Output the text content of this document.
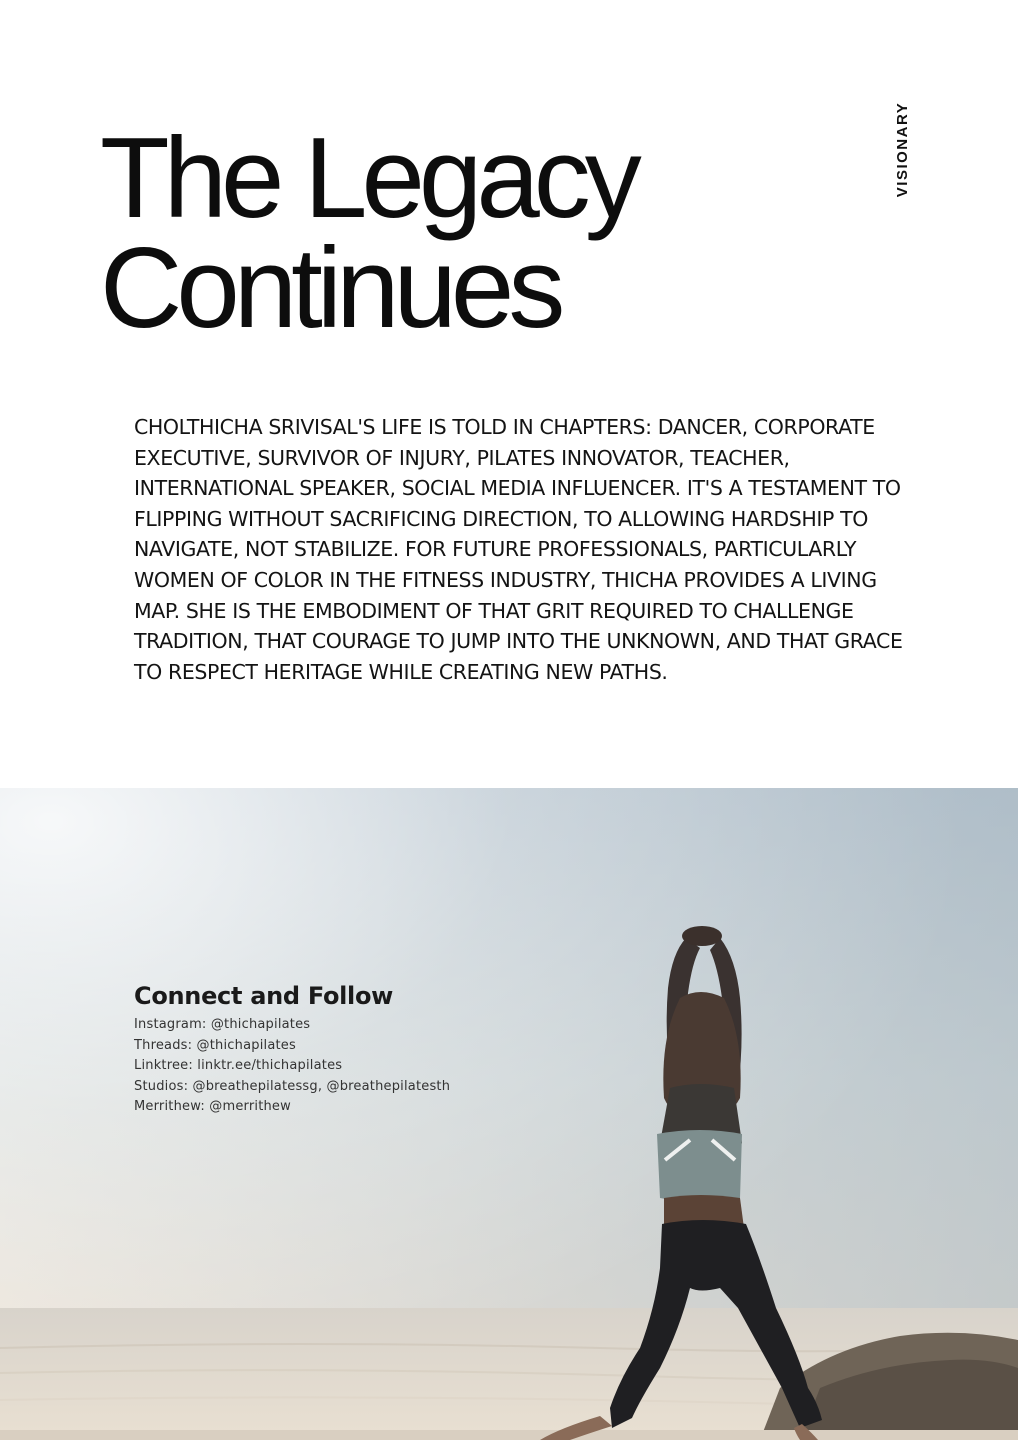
VISIONARY
The Legacy
Continues

CHOLTHICHA SRIVISAL'S LIFE IS TOLD IN CHAPTERS: DANCER, CORPORATE EXECUTIVE, SURVIVOR OF INJURY, PILATES INNOVATOR, TEACHER, INTERNATIONAL SPEAKER, SOCIAL MEDIA INFLUENCER. IT'S A TESTAMENT TO FLIPPING WITHOUT SACRIFICING DIRECTION, TO ALLOWING HARDSHIP TO NAVIGATE, NOT STABILIZE. FOR FUTURE PROFESSIONALS, PARTICULARLY WOMEN OF COLOR IN THE FITNESS INDUSTRY, THICHA PROVIDES A LIVING MAP. SHE IS THE EMBODIMENT OF THAT GRIT REQUIRED TO CHALLENGE TRADITION, THAT COURAGE TO JUMP INTO THE UNKNOWN, AND THAT GRACE TO RESPECT HERITAGE WHILE CREATING NEW PATHS.

Connect and Follow
Instagram: @thichapilates
Threads: @thichapilates
Linktree: linktr.ee/thichapilates
Studios: @breathepilatessg, @breathepilatesth
Merrithew: @merrithew
